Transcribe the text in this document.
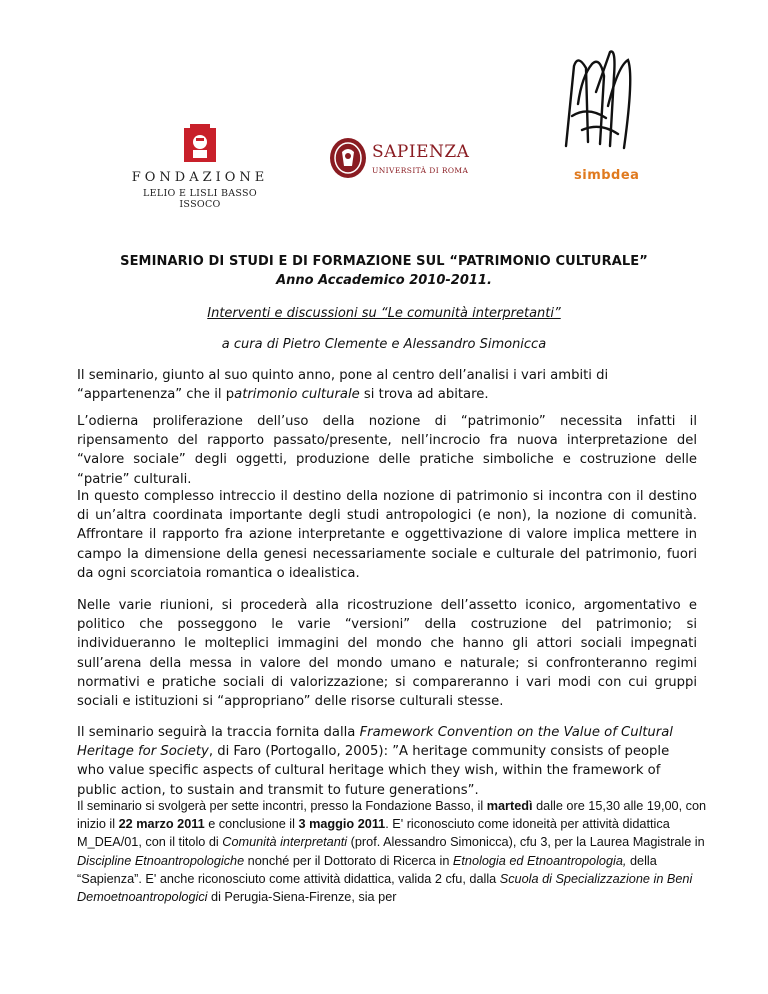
FONDAZIONE
LELIO E LISLI BASSO ISSOCO
SAPIENZA
UNIVERSITÀ DI ROMA	simbdea
SEMINARIO DI STUDI E DI FORMAZIONE SUL “PATRIMONIO CULTURALE”
Anno Accademico 2010-2011.
Interventi e discussioni su “Le comunità interpretanti”
a cura di Pietro Clemente e Alessandro Simonicca

Il seminario, giunto al suo quinto anno, pone al centro dell’analisi i vari ambiti di “appartenenza” che il patrimonio culturale si trova ad abitare.

L’odierna proliferazione dell’uso della nozione di “patrimonio” necessita infatti il ripensamento del rapporto passato/presente, nell’incrocio fra nuova interpretazione del “valore sociale” degli oggetti, produzione delle pratiche simboliche e costruzione delle “patrie” culturali.

In questo complesso intreccio il destino della nozione di patrimonio si incontra con il destino di un’altra coordinata importante degli studi antropologici (e non), la nozione di comunità. Affrontare il rapporto fra azione interpretante e oggettivazione di valore implica mettere in campo la dimensione della genesi necessariamente sociale e culturale del patrimonio, fuori da ogni scorciatoia romantica o idealistica.

Nelle varie riunioni, si procederà alla ricostruzione dell’assetto iconico, argomentativo e politico che posseggono le varie “versioni” della costruzione del patrimonio; si individueranno le molteplici immagini del mondo che hanno gli attori sociali impegnati sull’arena della messa in valore del mondo umano e naturale; si confronteranno regimi normativi e pratiche sociali di valorizzazione; si compareranno i vari modi con cui gruppi sociali e istituzioni si “appropriano” delle risorse culturali stesse.

Il seminario seguirà la traccia fornita dalla Framework Convention on the Value of Cultural Heritage for Society, di Faro (Portogallo, 2005): ”A heritage community consists of people who value specific aspects of cultural heritage which they wish, within the framework of public action, to sustain and transmit to future generations”.

Il seminario si svolgerà per sette incontri, presso la Fondazione Basso, il martedì dalle ore 15,30 alle 19,00, con inizio il 22 marzo 2011 e conclusione il 3 maggio 2011. E' riconosciuto come idoneità per attività didattica M_DEA/01, con il titolo di Comunità interpretanti (prof. Alessandro Simonicca), cfu 3, per la Laurea Magistrale in Discipline Etnoantropologiche nonché per il Dottorato di Ricerca in Etnologia ed Etnoantropologia, della “Sapienza”. E' anche riconosciuto come attività didattica, valida 2 cfu, dalla Scuola di Specializzazione in Beni Demoetnoantropologici di Perugia-Siena-Firenze, sia per
